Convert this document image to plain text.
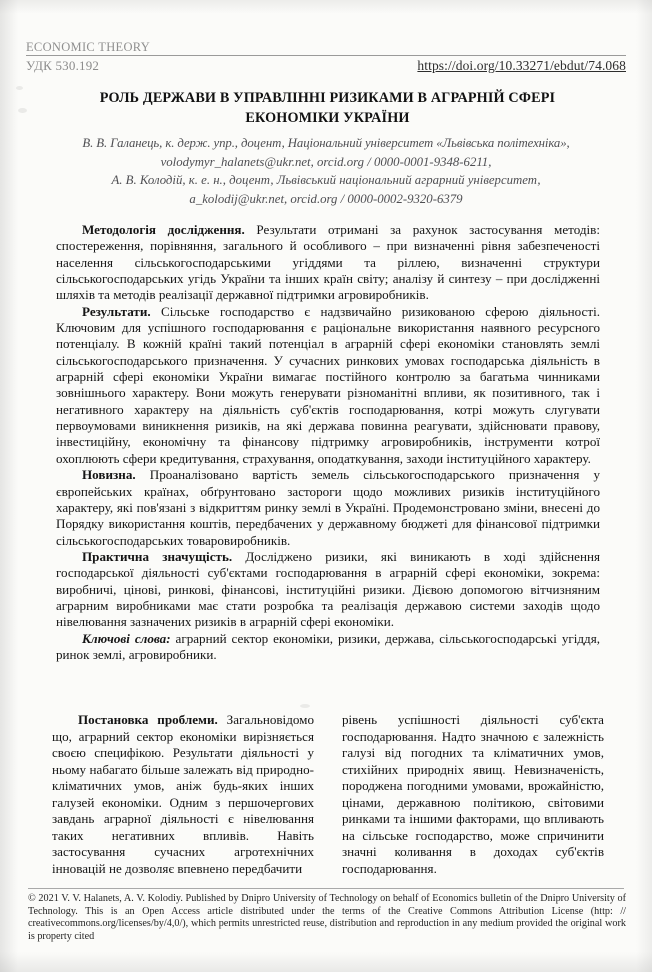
ECONOMIC THEORY
УДК 530.192	https://doi.org/10.33271/ebdut/74.068
РОЛЬ ДЕРЖАВИ В УПРАВЛІННІ РИЗИКАМИ В АГРАРНІЙ СФЕРІ
ЕКОНОМІКИ УКРАЇНИ
В. В. Галанець, к. держ. упр., доцент, Національний університет «Львівська політехніка»,
volodymyr_halanets@ukr.net, orcid.org / 0000-0001-9348-6211,
А. В. Колодій, к. е. н., доцент, Львівський національний аграрний університет,
a_kolodij@ukr.net, orcid.org / 0000-0002-9320-6379

Методологія дослідження. Результати отримані за рахунок застосування методів: спостереження, порівняння, загального й особливого – при визначенні рівня забезпеченості населення сільськогосподарськими угіддями та ріллею, визначенні структури сільськогосподарських угідь України та інших країн світу; аналізу й синтезу – при дослідженні шляхів та методів реалізації державної підтримки агровиробників.

Результати. Сільське господарство є надзвичайно ризикованою сферою діяльності. Ключовим для успішного господарювання є раціональне використання наявного ресурсного потенціалу. В кожній країні такий потенціал в аграрній сфері економіки становлять землі сільськогосподарського призначення. У сучасних ринкових умовах господарська діяльність в аграрній сфері економіки України вимагає постійного контролю за багатьма чинниками зовнішнього характеру. Вони можуть генерувати різноманітні впливи, як позитивного, так і негативного характеру на діяльність суб'єктів господарювання, котрі можуть слугувати первоумовами виникнення ризиків, на які держава повинна реагувати, здійснювати правову, інвестиційну, економічну та фінансову підтримку агровиробників, інструменти котрої охоплюють сфери кредитування, страхування, оподаткування, заходи інституційного характеру.

Новизна. Проаналізовано вартість земель сільськогосподарського призначення у європейських країнах, обґрунтовано застороги щодо можливих ризиків інституційного характеру, які пов'язані з відкриттям ринку землі в Україні. Продемонстровано зміни, внесені до Порядку використання коштів, передбачених у державному бюджеті для фінансової підтримки сільськогосподарських товаровиробників.

Практична значущість. Досліджено ризики, які виникають в ході здійснення господарської діяльності суб'єктами господарювання в аграрній сфері економіки, зокрема: виробничі, цінові, ринкові, фінансові, інституційні ризики. Дієвою допомогою вітчизняним аграрним виробниками має стати розробка та реалізація державою системи заходів щодо нівелювання зазначених ризиків в аграрній сфері економіки.

Ключові слова: аграрний сектор економіки, ризики, держава, сільськогосподарські угіддя, ринок землі, агровиробники.

Постановка проблеми. Загальновідомо що, аграрний сектор економіки вирізняється своєю специфікою. Результати діяльності у ньому набагато більше залежать від природно-кліматичних умов, аніж будь-яких інших галузей економіки. Одним з першочергових завдань аграрної діяльності є нівелювання таких негативних впливів. Навіть застосування сучасних агротехнічних інновацій не дозволяє впевнено передбачити

рівень успішності діяльності суб'єкта господарювання. Надто значною є залежність галузі від погодних та кліматичних умов, стихійних природніх явищ. Невизначеність, породжена погодними умовами, врожайністю, цінами, державною політикою, світовими ринками та іншими факторами, що впливають на сільське господарство, може спричинити значні коливання в доходах суб'єктів господарювання.

© 2021 V. V. Halanets, A. V. Kolodiy. Published by Dnipro University of Technology on behalf of Economics bulletin of the Dnipro University of Technology. This is an Open Access article distributed under the terms of the Creative Commons Attribution License (http: // creativecommons.org/licenses/by/4,0/), which permits unrestricted reuse, distribution and reproduction in any medium provided the original work is property cited
